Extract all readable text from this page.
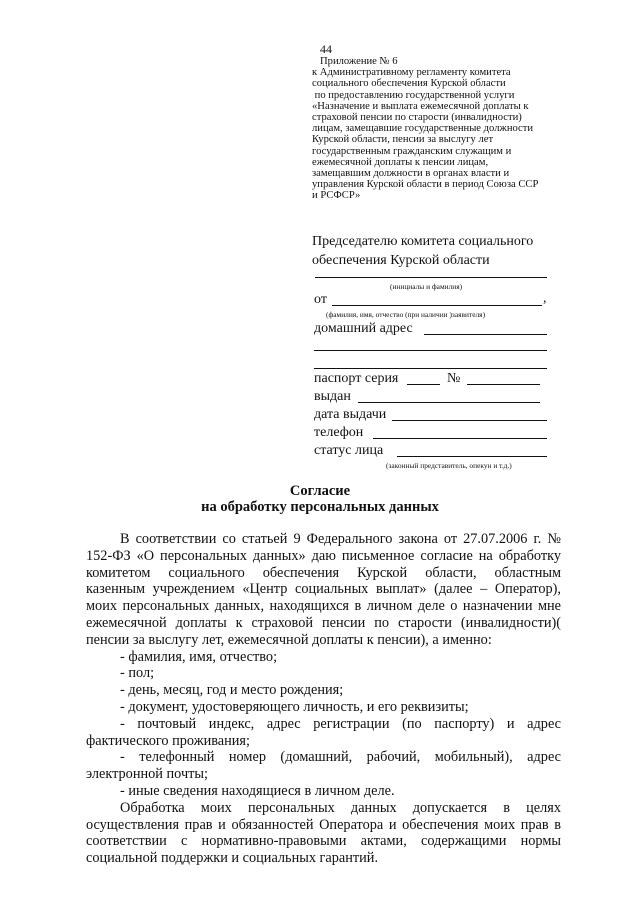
44
Приложение № 6
к Административному регламенту комитета
социального обеспечения Курской области
по предоставлению государственной услуги
«Назначение и выплата ежемесячной доплаты к
страховой пенсии по старости (инвалидности)
лицам, замещавшие государственные должности
Курской области, пенсии за выслугу лет
государственным гражданским служащим и
ежемесячной доплаты к пенсии лицам,
замещавшим должности в органах власти и
управления Курской области в период Союза ССР
и РСФСР»
Председателю комитета социального
обеспечения Курской области
(инициалы и фамилия)
от	,
(фамилия, имя, отчество (при наличии )заявителя)
домашний адрес
паспорт серия	№
выдан
дата выдачи
телефон
статус лица
(законный представитель, опекун и т.д.)
Согласие
на обработку персональных данных

В соответствии со статьей 9 Федерального закона от 27.07.2006 г. №

152-ФЗ «О персональных данных» даю письменное согласие на обработку

комитетом социального обеспечения Курской области, областным

казенным учреждением «Центр социальных выплат» (далее – Оператор),

моих персональных данных, находящихся в личном деле о назначении мне

ежемесячной доплаты к страховой пенсии по старости (инвалидности)(

пенсии за выслугу лет, ежемесячной доплаты к пенсии), а именно:

- фамилия, имя, отчество;

- пол;

- день, месяц, год и место рождения;

- документ, удостоверяющего личность, и его реквизиты;

- почтовый индекс, адрес регистрации (по паспорту) и адрес

фактического проживания;

- телефонный номер (домашний, рабочий, мобильный), адрес

электронной почты;

- иные сведения находящиеся в личном деле.

Обработка моих персональных данных допускается в целях

осуществления прав и обязанностей Оператора и обеспечения моих прав в

соответствии с нормативно-правовыми актами, содержащими нормы

социальной поддержки и социальных гарантий.
